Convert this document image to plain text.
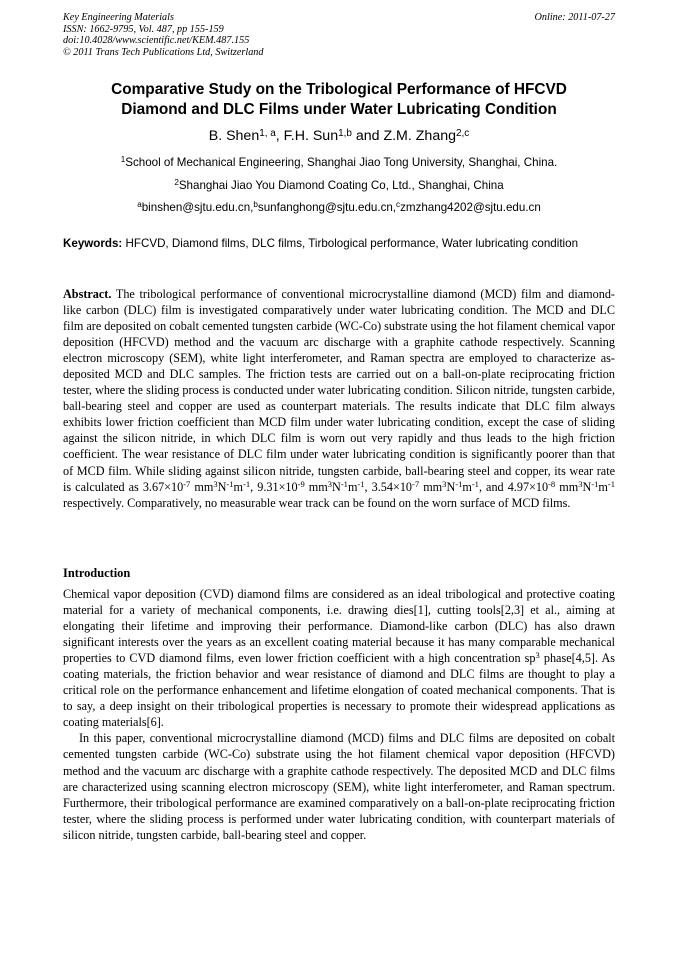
Key Engineering Materials
ISSN: 1662-9795, Vol. 487, pp 155-159
doi:10.4028/www.scientific.net/KEM.487.155
© 2011 Trans Tech Publications Ltd, Switzerland
Online: 2011-07-27
Comparative Study on the Tribological Performance of HFCVD
Diamond and DLC Films under Water Lubricating Condition
B. Shen$^{1, a}$, F.H. Sun$^{1,b}$ and Z.M. Zhang$^{2,c}$
$^1$School of Mechanical Engineering, Shanghai Jiao Tong University, Shanghai, China.
$^2$Shanghai Jiao You Diamond Coating Co, Ltd., Shanghai, China
$^a$binshen@sjtu.edu.cn,$^b$sunfanghong@sjtu.edu.cn,$^c$zmzhang4202@sjtu.edu.cn
Keywords: HFCVD, Diamond films, DLC films, Tirbological performance, Water lubricating condition
Abstract. The tribological performance of conventional microcrystalline diamond (MCD) film and diamond-like carbon (DLC) film is investigated comparatively under water lubricating condition. The MCD and DLC film are deposited on cobalt cemented tungsten carbide (WC-Co) substrate using the hot filament chemical vapor deposition (HFCVD) method and the vacuum arc discharge with a graphite cathode respectively. Scanning electron microscopy (SEM), white light interferometer, and Raman spectra are employed to characterize as-deposited MCD and DLC samples. The friction tests are carried out on a ball-on-plate reciprocating friction tester, where the sliding process is conducted under water lubricating condition. Silicon nitride, tungsten carbide, ball-bearing steel and copper are used as counterpart materials. The results indicate that DLC film always exhibits lower friction coefficient than MCD film under water lubricating condition, except the case of sliding against the silicon nitride, in which DLC film is worn out very rapidly and thus leads to the high friction coefficient. The wear resistance of DLC film under water lubricating condition is significantly poorer than that of MCD film. While sliding against silicon nitride, tungsten carbide, ball-bearing steel and copper, its wear rate is calculated as $3.67\times 10^{-7}$ $mm^3N^{-1}m^{-1}$, $9.31\times 10^{-9}$ $mm^3N^{-1}m^{-1}$, $3.54\times 10^{-7}$ $mm^3N^{-1}m^{-1}$, and $4.97\times 10^{-8}$ $mm^3N^{-1}m^{-1}$ respectively. Comparatively, no measurable wear track can be found on the worn surface of MCD films.
Introduction

Chemical vapor deposition (CVD) diamond films are considered as an ideal tribological and protective coating material for a variety of mechanical components, i.e. drawing dies[1], cutting tools[2,3] et al., aiming at elongating their lifetime and improving their performance. Diamond-like carbon (DLC) has also drawn significant interests over the years as an excellent coating material because it has many comparable mechanical properties to CVD diamond films, even lower friction coefficient with a high concentration $sp^3$ phase[4,5]. As coating materials, the friction behavior and wear resistance of diamond and DLC films are thought to play a critical role on the performance enhancement and lifetime elongation of coated mechanical components. That is to say, a deep insight on their tribological properties is necessary to promote their widespread applications as coating materials[6].

In this paper, conventional microcrystalline diamond (MCD) films and DLC films are deposited on cobalt cemented tungsten carbide (WC-Co) substrate using the hot filament chemical vapor deposition (HFCVD) method and the vacuum arc discharge with a graphite cathode respectively. The deposited MCD and DLC films are characterized using scanning electron microscopy (SEM), white light interferometer, and Raman spectrum. Furthermore, their tribological performance are examined comparatively on a ball-on-plate reciprocating friction tester, where the sliding process is performed under water lubricating condition, with counterpart materials of silicon nitride, tungsten carbide, ball-bearing steel and copper.
